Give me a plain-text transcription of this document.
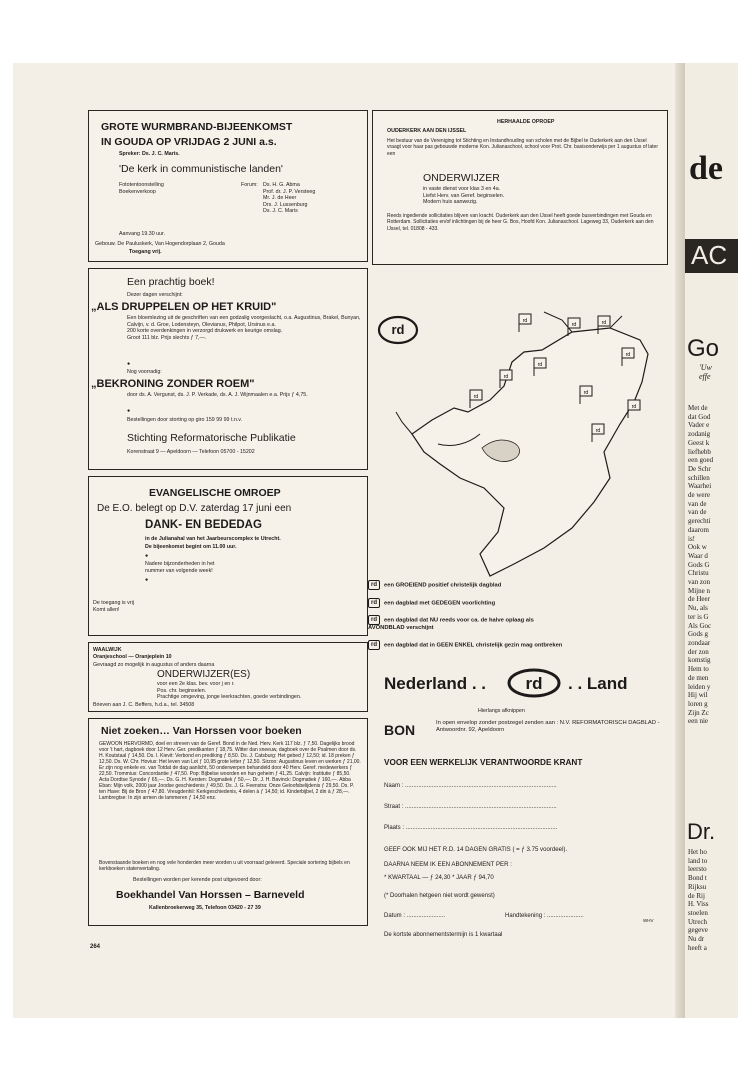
GROTE WURMBRAND-BIJEENKOMST
IN GOUDA OP VRIJDAG 2 JUNI a.s.
Spreker: Ds. J. C. Maris.
'De kerk in communistische landen'
Fototentoonstelling
Boekenverkoop
Forum: Ds. H. G. Abma
Prof. dr. J. P. Versteeg
Mr. J. de Heer
Drs. J. Lussenburg
Ds. J. C. Maris
Aanvang 19.30 uur.
Gebouw. De Pauluskerk, Van Hogendorplaan 2, Gouda
Toegang vrij.
Een prachtig boek!
Dezer dagen verschijnt:
„ALS DRUPPELEN OP HET KRUID"
Een bloemlezing uit de geschriften van een godzalig voorgeslacht, o.a. Augustinus, Brakel, Bunyan, Calvijn, v. d. Groe, Lodensteyn, Olevianus, Philpot, Ursinus e.a.
200 korte overdenkingen in verzorgd drukwerk en keurige omslag.
Groot 111 blz. Prijs slechts ƒ 7,—.
●
Nog voorradig:
„BEKRONING ZONDER ROEM"
door ds. A. Vergunst, ds. J. P. Verkade, ds. A. J. Wijnmaalen e.a. Prijs ƒ 4,75.
●
Bestellingen door storting op giro 159 99 99 t.n.v.
Stichting Reformatorische Publikatie
Korenstraat 9 — Apeldoorn — Telefoon 05700 - 15202
EVANGELISCHE OMROEP
De E.O. belegt op D.V. zaterdag 17 juni een
DANK- EN BEDEDAG
in de Julianahal van het Jaarbeurscomplex te Utrecht.
De bijeenkomst begint om 11.00 uur.
●
Nadere bijzonderheden in het
nummer van volgende week!
●
De toegang is vrij
Komt allen!
WAALWIJK
Oranjeschool — Oranjeplein 10
Gevraagd zo mogelijk in augustus of anders daarna
ONDERWIJZER(ES)
voor een 2e klas. bev. voor j en r.
Pos. chr. beginselen.
Prachtige omgeving, jonge leerkrachten, goede verbindingen.
Brieven aan J. C. Beffers, h.d.a., tel. 34508
Niet zoeken… Van Horssen voor boeken
GEWOON HERVORMD, doel en streven van de Geref. Bond in de Ned. Herv. Kerk 117 blz. ƒ 7,50. Dagelijks brood voor 't hart, dagboek door 12 Herv. Ger. predikanten ƒ 18,75. Witter dan sneeuw, dagboek over de Psalmen door ds. H. Koutstaal ƒ 14,50. Ds. I. Kievit: Verbond en prediking ƒ 8,50. Ds. J. Catsburg: Het gebed ƒ 12,50; id. 18 preken ƒ 12,50. Ds. W. Chr. Hovius: Het leven van Lot ƒ 10,95 grote letter ƒ 12,50. Sirzoo: Augustinus leven en werken ƒ 21,00. Er zijn nog enkele ex. van Totdat de dag aanlicht, 50 onderwerpen behandeld door 40 Herv. Geref. medewerkers ƒ 22,50. Trommius: Concordantie ƒ 47,50. Pop: Bijbelse woorden en hun geheim ƒ 41,25. Calvijn: Institutie ƒ 85,50. Acta Dordtse Synode ƒ 65,—. Ds. G. H. Kersten: Dogmatiek ƒ 50,—. Dr. J. H. Bavinck: Dogmatiek ƒ 160,—. Abba Eban: Mijn volk, 2000 jaar Joodse geschiedenis ƒ 49,50. Ds. J. G. Feenstra: Onze Geloofsbelijdenis ƒ 29,50. Ds. P. ten Have: Bij de Bron ƒ 47,80. Vreugdenhil: Kerkgeschiedenis, 4 delen à ƒ 14,50; id. Kinderbijbel, 2 din à ƒ 28,—. Lambregtse: In zijn armen de lammeren ƒ 14,50 enz.
Bovenstaande boeken en nog vele honderden meer worden u uit voorraad geleverd. Speciale sortering bijbels en kerkboeken statenvertaling.
Bestellingen worden per kerende post uitgevoerd door:
Boekhandel Van Horssen – Barneveld
Kallenbroekerweg 35, Telefoon 03420 - 27 39
HERHAALDE OPROEP
OUDERKERK AAN DEN IJSSEL
Het bestuur van de Vereniging tot Stichting en Instandhouding van scholen met de Bijbel te Ouderkerk aan den IJssel vraagt voor haar pas gebouwde moderne Kon. Julianaschool, school voor Prot. Chr. basisonderwijs per 1 augustus of later een
ONDERWIJZER
in vaste dienst voor klas 3 en 4a.
Liefst Herv. van Geref. beginselen.
Modern huis aanwezig.
Reeds ingediende sollicitaties blijven van kracht. Ouderkerk aan den IJssel heeft goede busverbindingen met Gouda en Rotterdam. Sollicitaties en/of inlichtingen bij de heer G. Bos, Hoofd Kon. Julianaschool. Lageweg 33, Ouderkerk aan den IJssel, tel. 01808 - 433.
rd
rd
rd	rd
rd
rd
rd
rd
rd
rd
rd
rd een GROEIEND positief christelijk dagblad
rd een dagblad met GEDEGEN voorlichting
rd een dagblad dat NU reeds voor ca. de halve oplaag als AVONDBLAD verschijnt
rd een dagblad dat in GEEN ENKEL christelijk gezin mag ontbreken
Nederland . . rd . . Land
Hierlangs afknippen
BON	In open envelop zonder postzegel zenden aan : N.V. REFORMATORISCH DAGBLAD - Antwoordnr. 92, Apeldoorn
VOOR EEN WERKELIJK VERANTWOORDE KRANT
Naam : ...........................................................................................
Straat : ...........................................................................................
Plaats : ...........................................................................................
GEEF OOK MIJ HET R.D. 14 DAGEN GRATIS ( = ƒ 3.75 voordeel).
DAARNA NEEM IK EEN ABONNEMENT PER :
* KWARTAAL — ƒ 24,30 * JAAR ƒ 94,70
(* Doorhalen hetgeen niet wordt gewenst)
Datum : .......................	Handtekening : ......................
WHV
De kortste abonnementstermijn is 1 kwartaal
264
de
AC
Go
'Uw
effe
Met de
dat God
Vader e
zodanig
Geest k
liefhebb
een goed
De Schr
schillen
Waarhei
de were
van de
van de
gerechti
daarom
is!
Ook w
Waar d
Gods G
Christu
van zon
Mijne n
de Heer
Nu, als
ter is G
Als Goc
Gods g
zondaar
der zon
komstig
Hem to
de men
leiden y
Hij wil
loren g
Zijn Zc
een nie
Dr.
Het ho
land to
leersto
Bond t
Rijksu
de Rij
H. Viss
stoelen
Utrech
gegeve
Nu dr
heeft a
